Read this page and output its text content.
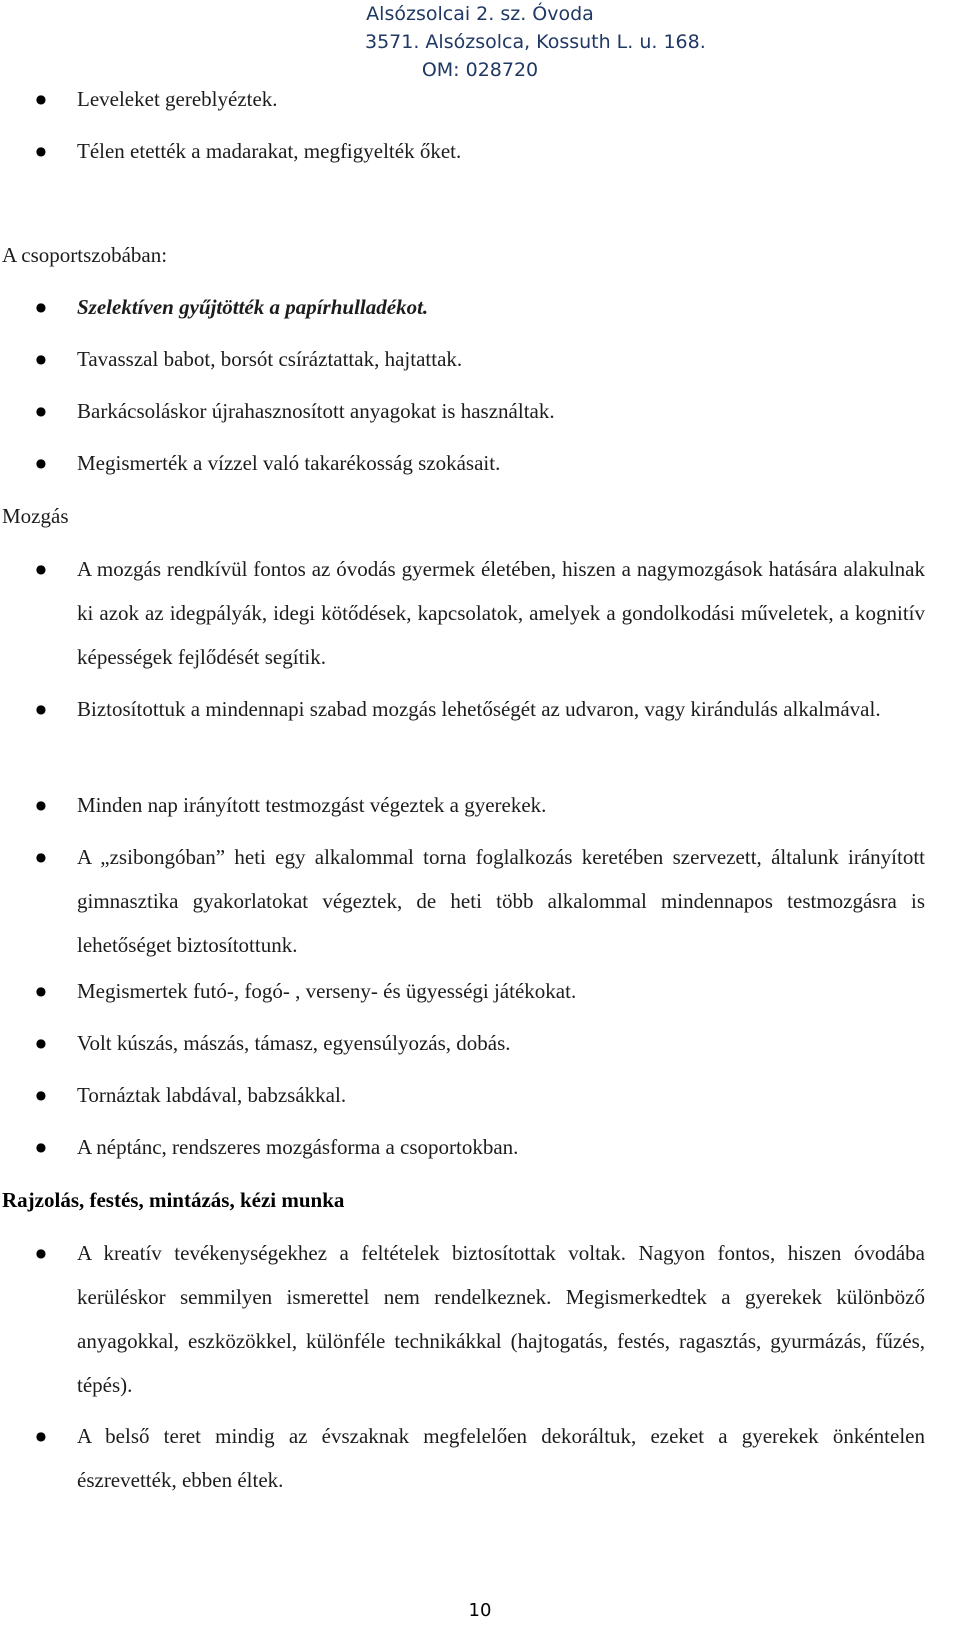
Alsózsolcai 2. sz. Óvoda
3571. Alsózsolca, Kossuth L. u. 168.
OM: 028720
● Leveleket gereblyéztek.
● Télen etették a madarakat, megfigyelték őket.
A csoportszobában:
● Szelektíven gyűjtötték a papírhulladékot.
● Tavasszal babot, borsót csíráztattak, hajtattak.
● Barkácsoláskor újrahasznosított anyagokat is használtak.
● Megismerték a vízzel való takarékosság szokásait.
Mozgás
● A mozgás rendkívül fontos az óvodás gyermek életében, hiszen a nagymozgások hatására alakulnak ki azok az idegpályák, idegi kötődések, kapcsolatok, amelyek a gondolkodási műveletek, a kognitív képességek fejlődését segítik.
● Biztosítottuk a mindennapi szabad mozgás lehetőségét az udvaron, vagy kirándulás alkalmával.
● Minden nap irányított testmozgást végeztek a gyerekek.
● A „zsibongóban” heti egy alkalommal torna foglalkozás keretében szervezett, általunk irányított gimnasztika gyakorlatokat végeztek, de heti több alkalommal mindennapos testmozgásra is lehetőséget biztosítottunk.
● Megismertek futó-, fogó- , verseny- és ügyességi játékokat.
● Volt kúszás, mászás, támasz, egyensúlyozás, dobás.
● Tornáztak labdával, babzsákkal.
● A néptánc, rendszeres mozgásforma a csoportokban.
Rajzolás, festés, mintázás, kézi munka
● A kreatív tevékenységekhez a feltételek biztosítottak voltak. Nagyon fontos, hiszen óvodába kerüléskor semmilyen ismerettel nem rendelkeznek. Megismerkedtek a gyerekek különböző anyagokkal, eszközökkel, különféle technikákkal (hajtogatás, festés, ragasztás, gyurmázás, fűzés, tépés).
● A belső teret mindig az évszaknak megfelelően dekoráltuk, ezeket a gyerekek önkéntelen észrevették, ebben éltek.
10
